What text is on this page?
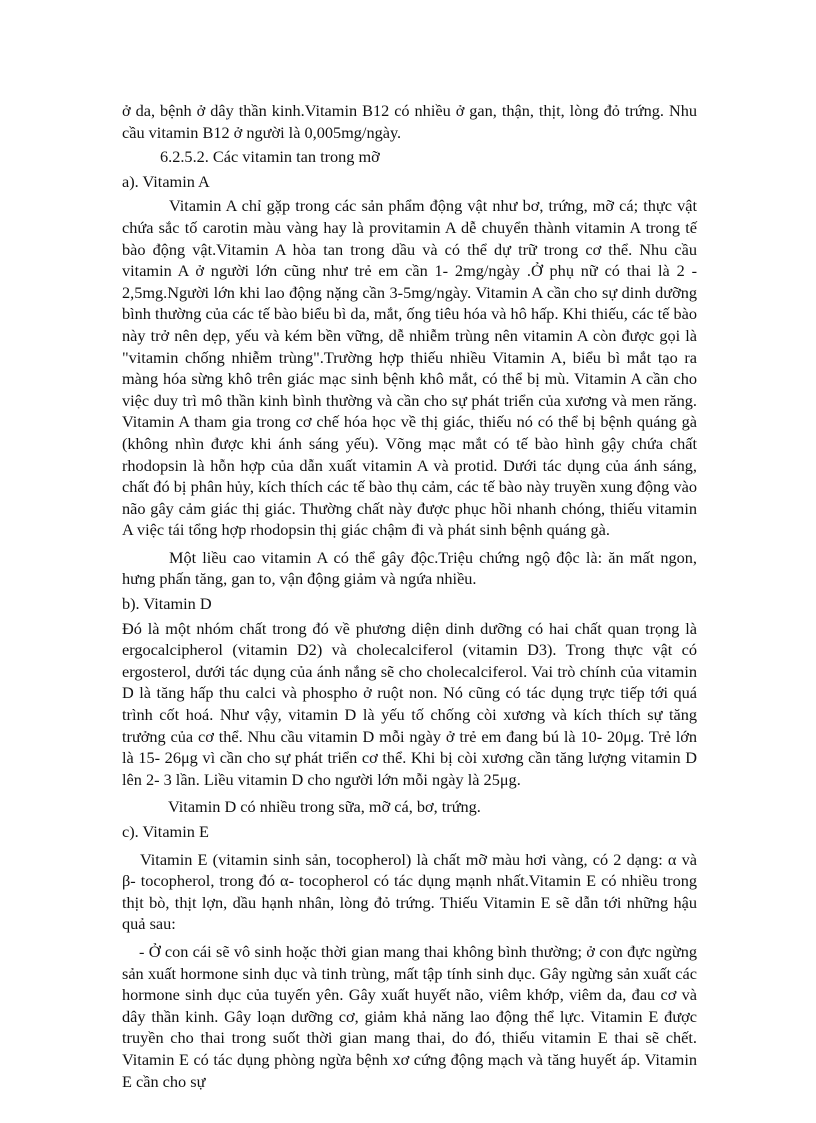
ở da, bệnh ở dây thần kinh.Vitamin B12 có nhiều ở gan, thận, thịt, lòng đỏ trứng. Nhu cầu vitamin B12 ở người là 0,005mg/ngày.

6.2.5.2. Các vitamin tan trong mỡ

a). Vitamin A

Vitamin A chỉ gặp trong các sản phẩm động vật như bơ, trứng, mỡ cá; thực vật chứa sắc tố carotin màu vàng hay là provitamin A dễ chuyển thành vitamin A trong tế bào động vật.Vitamin A hòa tan trong dầu và có thể dự trữ trong cơ thể. Nhu cầu vitamin A ở người lớn cũng như trẻ em cần 1- 2mg/ngày .Ở phụ nữ có thai là 2 - 2,5mg.Người lớn khi lao động nặng cần 3-5mg/ngày. Vitamin A cần cho sự dinh dưỡng bình thường của các tế bào biểu bì da, mắt, ống tiêu hóa và hô hấp. Khi thiếu, các tế bào này trở nên dẹp, yếu và kém bền vững, dễ nhiễm trùng nên vitamin A còn được gọi là "vitamin chống nhiễm trùng".Trường hợp thiếu nhiều Vitamin A, biểu bì mắt tạo ra màng hóa sừng khô trên giác mạc sinh bệnh khô mắt, có thể bị mù. Vitamin A cần cho việc duy trì mô thần kinh bình thường và cần cho sự phát triển của xương và men răng. Vitamin A tham gia trong cơ chế hóa học về thị giác, thiếu nó có thể bị bệnh quáng gà (không nhìn được khi ánh sáng yếu). Võng mạc mắt có tế bào hình gậy chứa chất rhodopsin là hỗn hợp của dẫn xuất vitamin A và protid. Dưới tác dụng của ánh sáng, chất đó bị phân hủy, kích thích các tế bào thụ cảm, các tế bào này truyền xung động vào não gây cảm giác thị giác. Thường chất này được phục hồi nhanh chóng, thiếu vitamin A việc tái tổng hợp rhodopsin thị giác chậm đi và phát sinh bệnh quáng gà.

Một liều cao vitamin A có thể gây độc.Triệu chứng ngộ độc là: ăn mất ngon, hưng phấn tăng, gan to, vận động giảm và ngứa nhiều.

b). Vitamin D

Đó là một nhóm chất trong đó về phương diện dinh dưỡng có hai chất quan trọng là ergocalcipherol (vitamin D2) và cholecalciferol (vitamin D3). Trong thực vật có ergosterol, dưới tác dụng của ánh nắng sẽ cho cholecalciferol. Vai trò chính của vitamin D là tăng hấp thu calci và phospho ở ruột non. Nó cũng có tác dụng trực tiếp tới quá trình cốt hoá. Như vậy, vitamin D là yếu tố chống còi xương và kích thích sự tăng trưởng của cơ thể. Nhu cầu vitamin D mỗi ngày ở trẻ em đang bú là 10- 20μg. Trẻ lớn là 15- 26μg vì cần cho sự phát triển cơ thể. Khi bị còi xương cần tăng lượng vitamin D lên 2- 3 lần. Liều vitamin D cho người lớn mỗi ngày là 25μg.

Vitamin D có nhiều trong sữa, mỡ cá, bơ, trứng.

c). Vitamin E

Vitamin E (vitamin sinh sản, tocopherol) là chất mỡ màu hơi vàng, có 2 dạng: α và β- tocopherol, trong đó α- tocopherol có tác dụng mạnh nhất.Vitamin E có nhiều trong thịt bò, thịt lợn, dầu hạnh nhân, lòng đỏ trứng. Thiếu Vitamin E sẽ dẫn tới những hậu quả sau:

- Ở con cái sẽ vô sinh hoặc thời gian mang thai không bình thường; ở con đực ngừng sản xuất hormone sinh dục và tinh trùng, mất tập tính sinh dục. Gây ngừng sản xuất các hormone sinh dục của tuyến yên. Gây xuất huyết não, viêm khớp, viêm da, đau cơ và dây thần kinh. Gây loạn dưỡng cơ, giảm khả năng lao động thể lực. Vitamin E được truyền cho thai trong suốt thời gian mang thai, do đó, thiếu vitamin E thai sẽ chết. Vitamin E có tác dụng phòng ngừa bệnh xơ cứng động mạch và tăng huyết áp. Vitamin E cần cho sự
